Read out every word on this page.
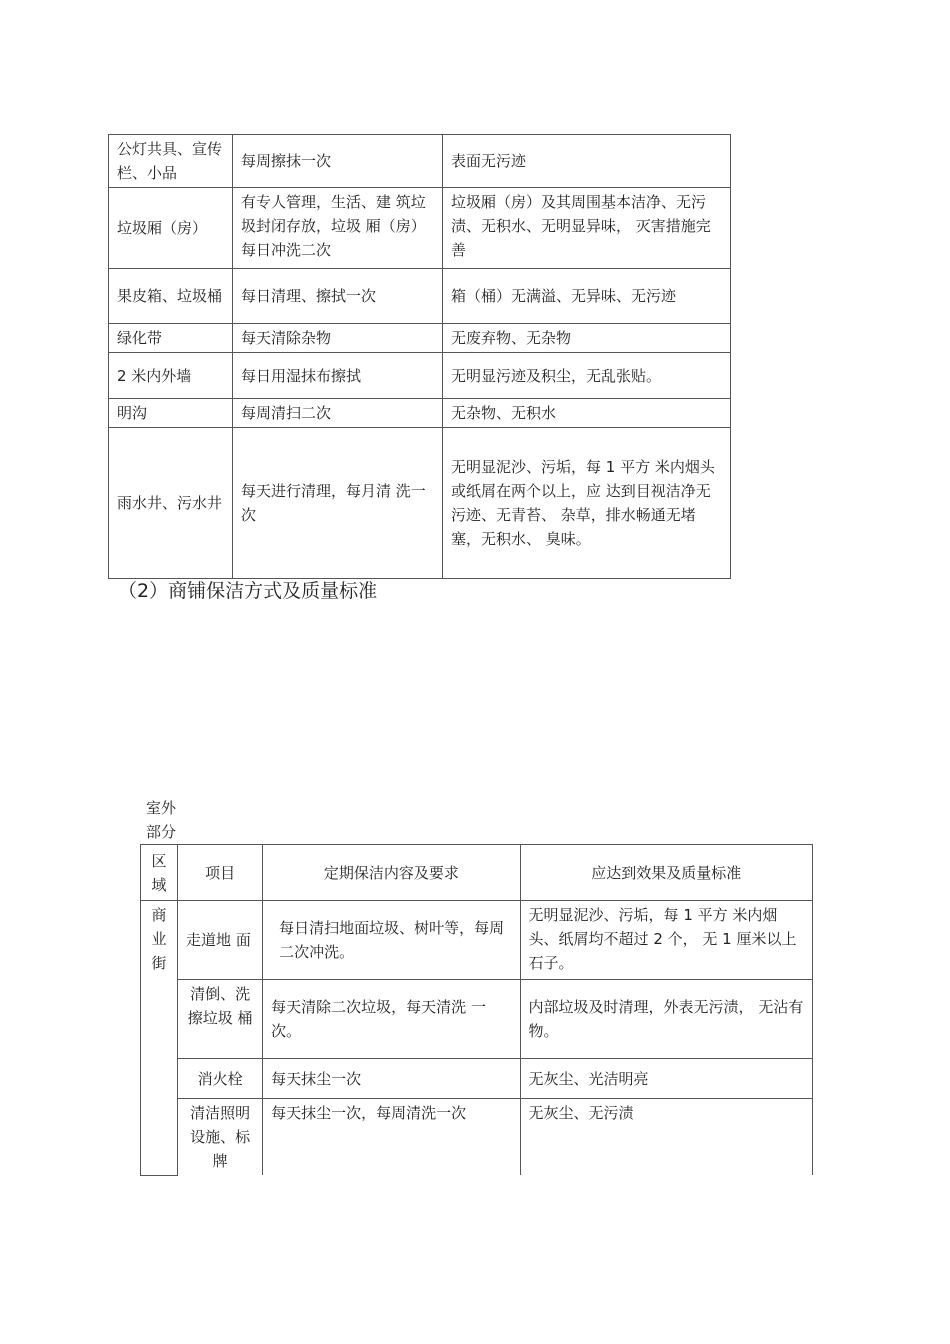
公灯共具、宣传栏、小品	每周擦抹一次	表面无污迹
垃圾厢（房）	有专人管理，生活、建 筑垃圾封闭存放，垃圾 厢（房）每日冲洗二次	垃圾厢（房）及其周围基本洁净、无污渍、无积水、无明显异味， 灭害措施完善
果皮箱、垃圾桶	每日清理、擦拭一次	箱（桶）无满溢、无异味、无污迹
绿化带	每天清除杂物	无废弃物、无杂物
2 米内外墙	每日用湿抹布擦拭	无明显污迹及积尘，无乱张贴。
明沟	每周清扫二次	无杂物、无积水
雨水井、污水井	每天进行清理，每月清 洗一次	无明显泥沙、污垢，每 1 平方 米内烟头或纸屑在两个以上，应 达到目视洁净无污迹、无青苔、 杂草，排水畅通无堵塞，无积水、 臭味。
（2）商铺保洁方式及质量标准
室外部分
区域	项目	定期保洁内容及要求	应达到效果及质量标准
商业街	走道地 面	每日清扫地面垃圾、树叶等，每周二次冲洗。	无明显泥沙、污垢，每 1 平方 米内烟头、纸屑均不超过 2 个， 无 1 厘米以上石子。
	清倒、洗擦垃圾 桶	每天清除二次垃圾，每天清洗 一次。	内部垃圾及时清理，外表无污渍， 无沾有物。
	消火栓	每天抹尘一次	无灰尘、光洁明亮
	清洁照明设施、标牌	每天抹尘一次，每周清洗一次	无灰尘、无污渍
